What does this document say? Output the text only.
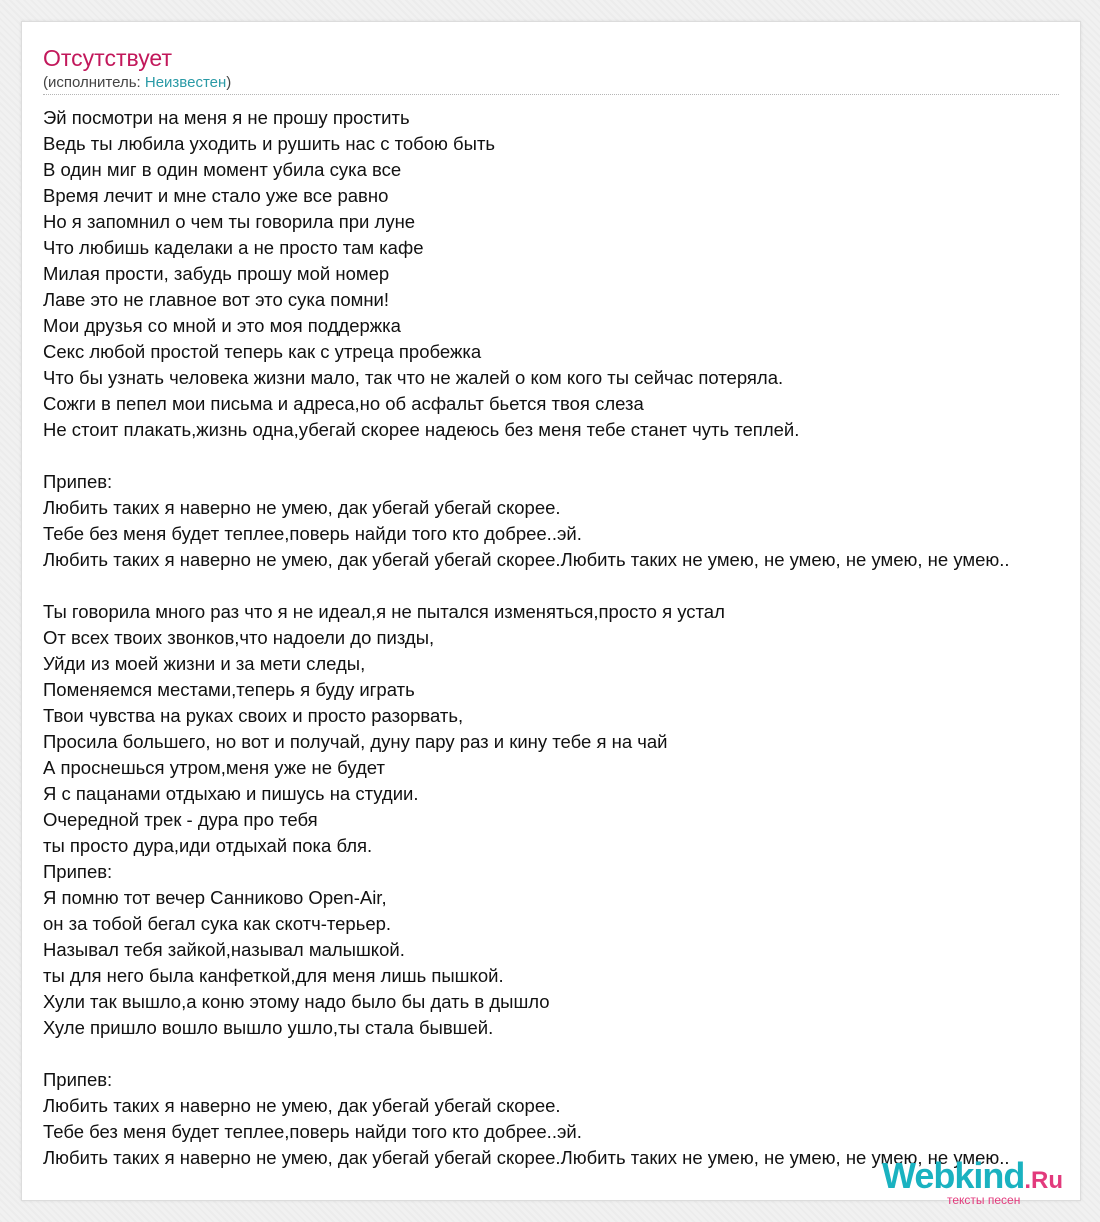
Отсутствует
(исполнитель: Неизвестен)
Эй посмотри на меня я не прошу простить
Ведь ты любила уходить и рушить нас с тобою быть
В один миг в один момент убила сука все
Время лечит и мне стало уже все равно
Но я запомнил о чем ты говорила при луне
Что любишь каделаки а не просто там кафе
Милая прости, забудь прошу мой номер
Лаве это не главное вот это сука помни!
Мои друзья со мной и это моя поддержка
Секс любой простой теперь как с утреца пробежка
Что бы узнать человека жизни мало, так что не жалей о ком кого ты сейчас потеряла.
Сожги в пепел мои письма и адреса,но об асфальт бьется твоя слеза
Не стоит плакать,жизнь одна,убегай скорее надеюсь без меня тебе станет чуть теплей.
Припев:
Любить таких я наверно не умею, дак убегай убегай скорее.
Тебе без меня будет теплее,поверь найди того кто добрее..эй.
Любить таких я наверно не умею, дак убегай убегай скорее.Любить таких не умею, не умею, не умею, не умею..
Ты говорила много раз что я не идеал,я не пытался изменяться,просто я устал
От всех твоих звонков,что надоели до пизды,
Уйди из моей жизни и за мети следы,
Поменяемся местами,теперь я буду играть
Твои чувства на руках своих и просто разорвать,
Просила большего, но вот и получай, дуну пару раз и кину тебе я на чай
А проснешься утром,меня уже не будет
Я с пацанами отдыхаю и пишусь на студии.
Очередной трек - дура про тебя
ты просто дура,иди отдыхай пока бля.
Припев:
Я помню тот вечер Санниково Open-Air,
он за тобой бегал сука как скотч-терьер.
Называл тебя зайкой,называл малышкой.
ты для него была канфеткой,для меня лишь пышкой.
Хули так вышло,а коню этому надо было бы дать в дышло
Хуле пришло вошло вышло ушло,ты стала бывшей.
Припев:
Любить таких я наверно не умею, дак убегай убегай скорее.
Тебе без меня будет теплее,поверь найди того кто добрее..эй.
Любить таких я наверно не умею, дак убегай убегай скорее.Любить таких не умею, не умею, не умею, не умею..
Webkind.Ru
тексты песен
